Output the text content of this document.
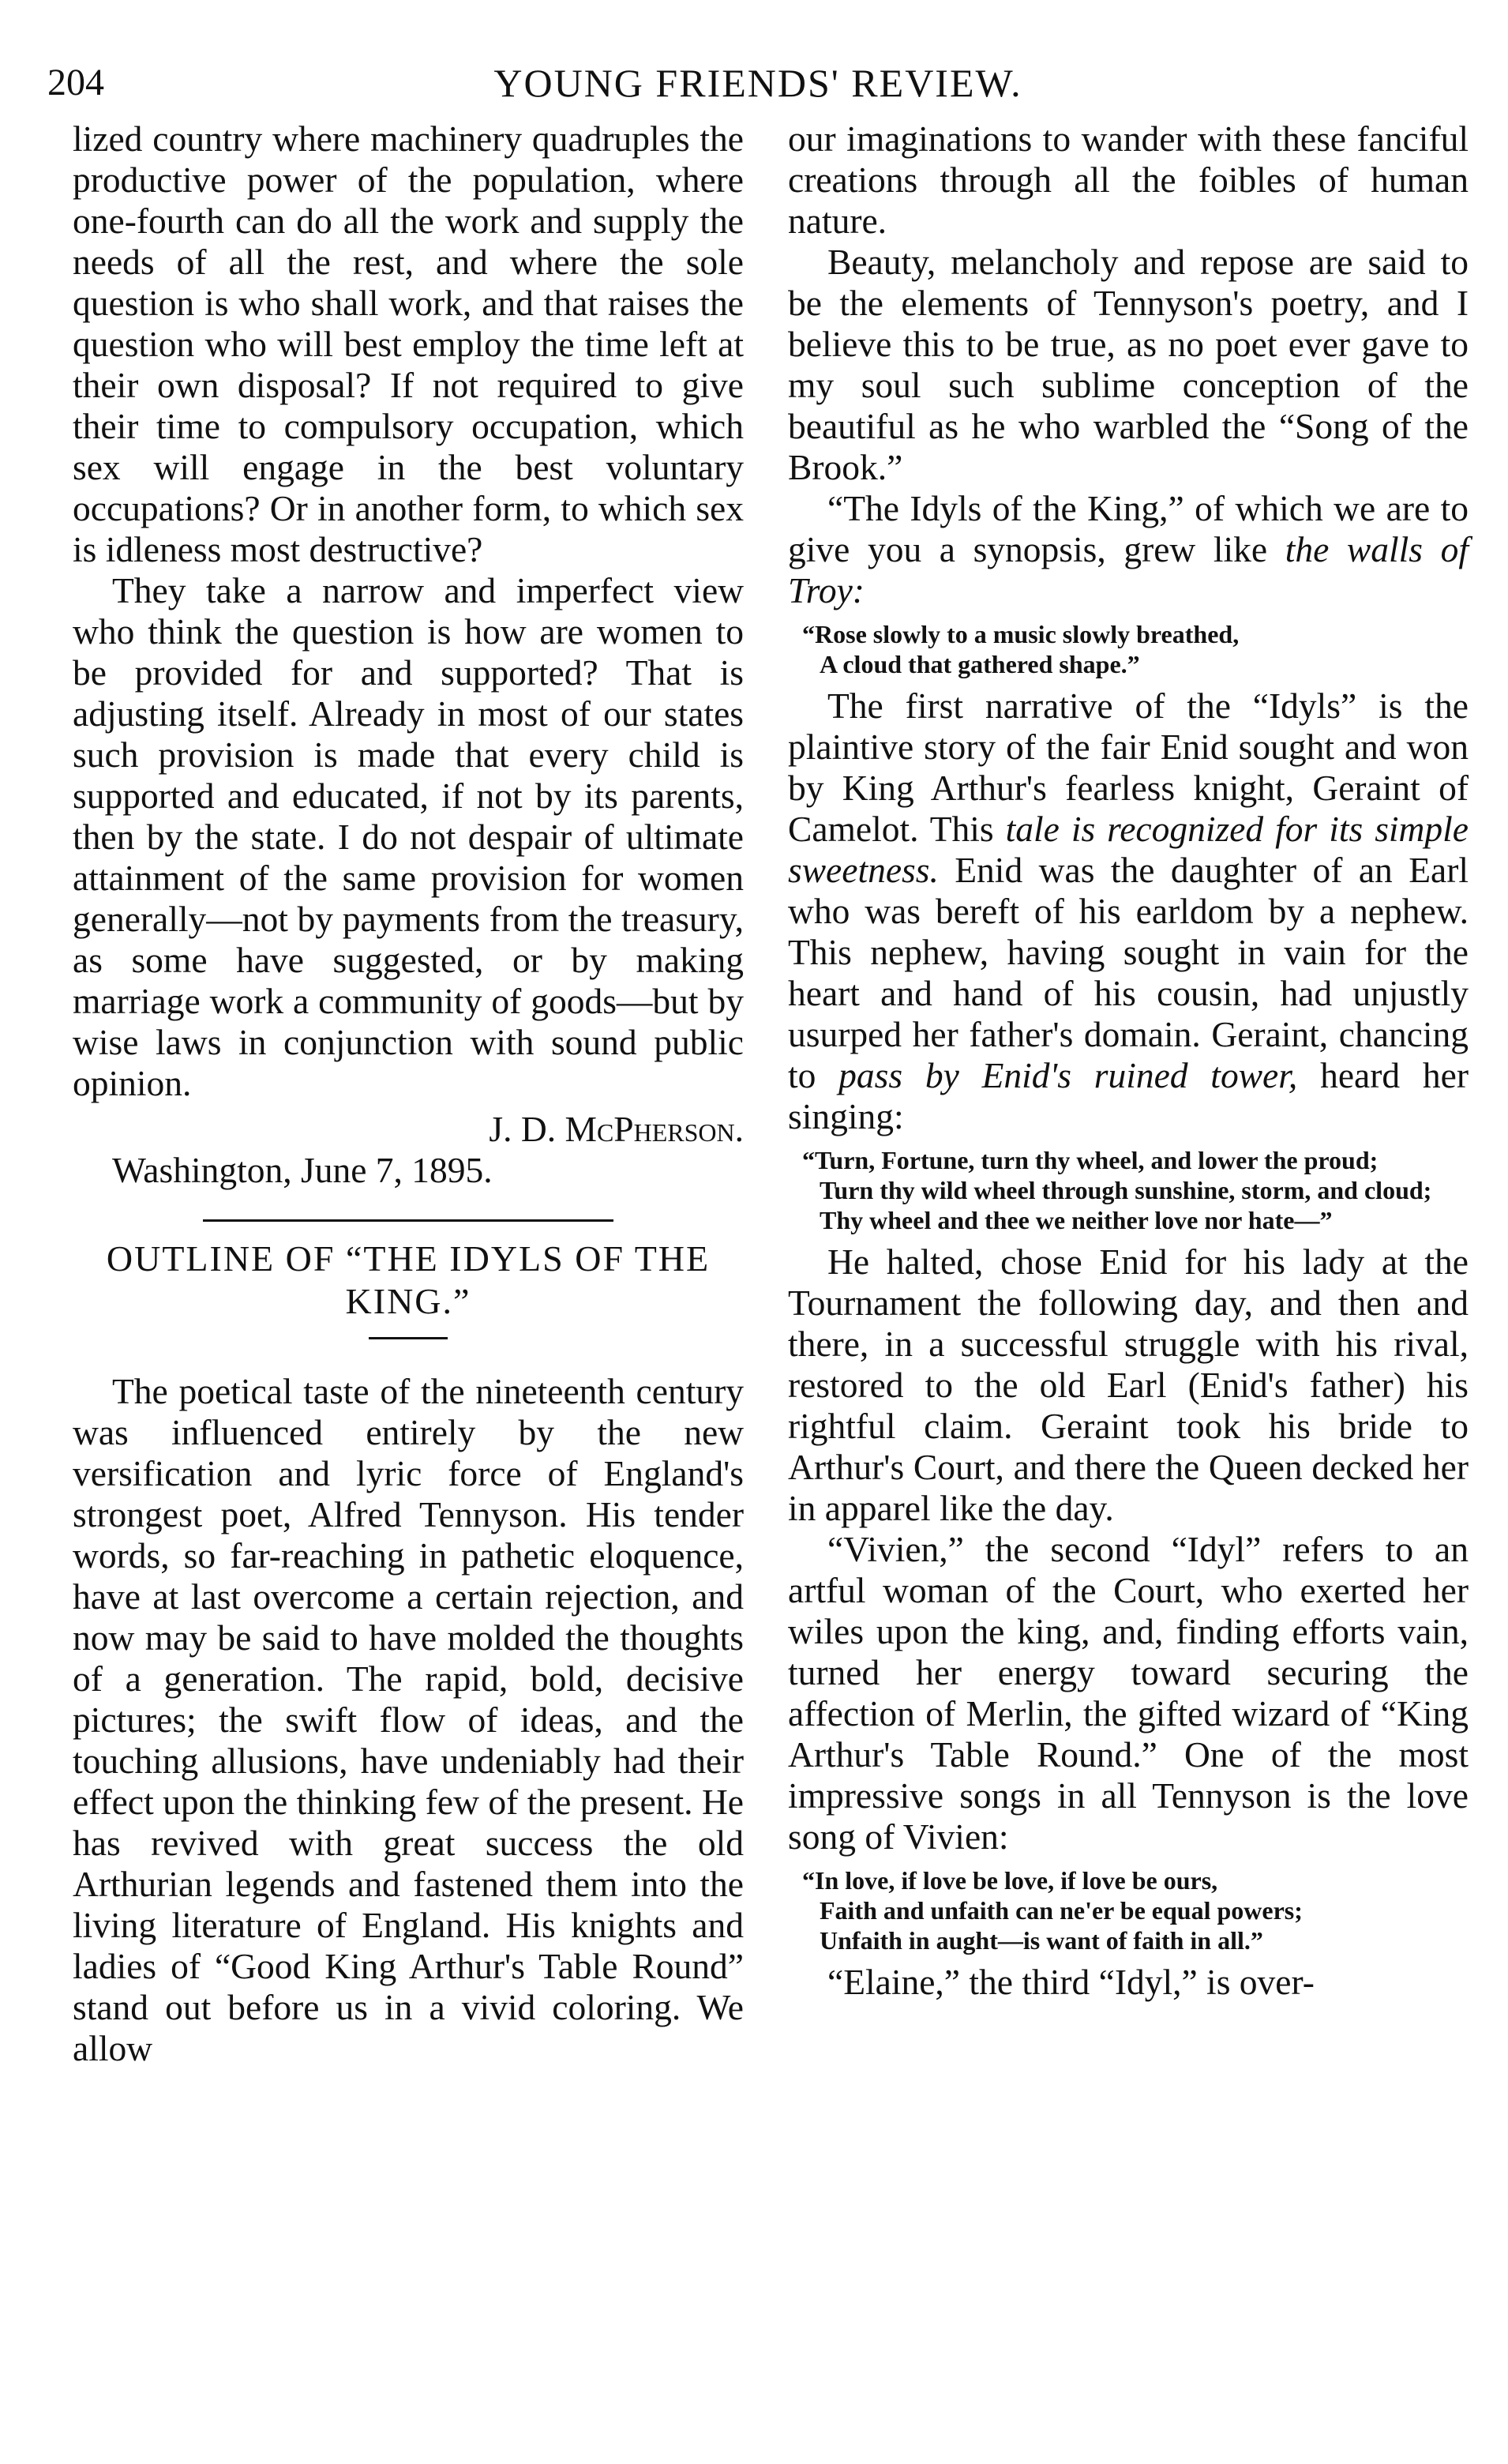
204	YOUNG FRIENDS' REVIEW.

lized country where machinery quadruples the productive power of the population, where one-fourth can do all the work and supply the needs of all the rest, and where the sole question is who shall work, and that raises the question who will best employ the time left at their own disposal? If not required to give their time to compulsory occupation, which sex will engage in the best voluntary occupations? Or in another form, to which sex is idleness most destructive?

They take a narrow and imperfect view who think the question is how are women to be provided for and supported? That is adjusting itself. Already in most of our states such provision is made that every child is supported and educated, if not by its parents, then by the state. I do not despair of ultimate attainment of the same provision for women generally—not by payments from the treasury, as some have suggested, or by making marriage work a community of goods—but by wise laws in conjunction with sound public opinion.

J. D. McPherson.

Washington, June 7, 1895.

OUTLINE OF “THE IDYLS OF THE KING.”

The poetical taste of the nineteenth century was influenced entirely by the new versification and lyric force of England's strongest poet, Alfred Tennyson. His tender words, so far-reaching in pathetic eloquence, have at last overcome a certain rejection, and now may be said to have molded the thoughts of a generation. The rapid, bold, decisive pictures; the swift flow of ideas, and the touching allusions, have undeniably had their effect upon the thinking few of the present. He has revived with great success the old Arthurian legends and fastened them into the living literature of England. His knights and ladies of “Good King Arthur's Table Round” stand out before us in a vivid coloring. We allow

our imaginations to wander with these fanciful creations through all the foibles of human nature.

Beauty, melancholy and repose are said to be the elements of Tennyson's poetry, and I believe this to be true, as no poet ever gave to my soul such sublime conception of the beautiful as he who warbled the “Song of the Brook.”

“The Idyls of the King,” of which we are to give you a synopsis, grew like the walls of Troy:

“Rose slowly to a music slowly breathed,
A cloud that gathered shape.”

The first narrative of the “Idyls” is the plaintive story of the fair Enid sought and won by King Arthur's fearless knight, Geraint of Camelot. This tale is recognized for its simple sweetness. Enid was the daughter of an Earl who was bereft of his earldom by a nephew. This nephew, having sought in vain for the heart and hand of his cousin, had unjustly usurped her father's domain. Geraint, chancing to pass by Enid's ruined tower, heard her singing:

“Turn, Fortune, turn thy wheel, and lower the proud;
Turn thy wild wheel through sunshine, storm, and cloud;
Thy wheel and thee we neither love nor hate—”

He halted, chose Enid for his lady at the Tournament the following day, and then and there, in a successful struggle with his rival, restored to the old Earl (Enid's father) his rightful claim. Geraint took his bride to Arthur's Court, and there the Queen decked her in apparel like the day.

“Vivien,” the second “Idyl” refers to an artful woman of the Court, who exerted her wiles upon the king, and, finding efforts vain, turned her energy toward securing the affection of Merlin, the gifted wizard of “King Arthur's Table Round.” One of the most impressive songs in all Tennyson is the love song of Vivien:

“In love, if love be love, if love be ours,
Faith and unfaith can ne'er be equal powers;
Unfaith in aught—is want of faith in all.”

“Elaine,” the third “Idyl,” is over-
